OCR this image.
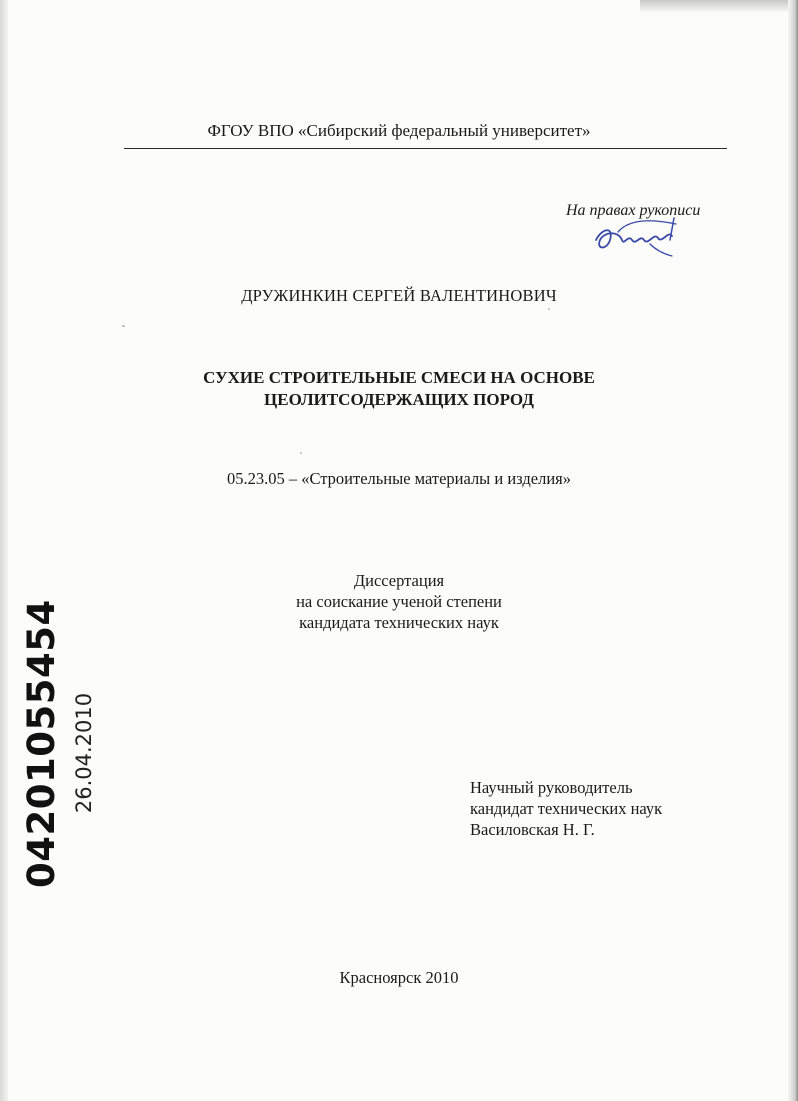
ФГОУ ВПО «Сибирский федеральный университет»
На правах рукописи
ДРУЖИНКИН СЕРГЕЙ ВАЛЕНТИНОВИЧ
СУХИЕ СТРОИТЕЛЬНЫЕ СМЕСИ НА ОСНОВЕ
ЦЕОЛИТСОДЕРЖАЩИХ ПОРОД
05.23.05 – «Строительные материалы и изделия»
Диссертация
на соискание ученой степени
кандидата технических наук
04201055454 26.04.2010	Научный руководитель
кандидат технических наук
Василовская Н. Г.
Красноярск 2010
